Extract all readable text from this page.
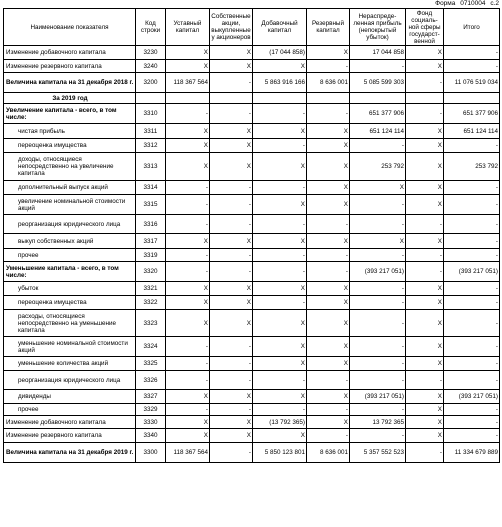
Форма 0710004 с.2
Наименование показателя	Код строки	Уставный капитал	Собственные акции, выкупленные у акционеров	Добавочный капитал	Резервный капитал	Нераспреде-ленная прибыль (непокрытый убыток)	Фонд социаль-ной сферы государст-венной	Итого
Изменение добавочного капитала	3230	X	X	(17 044 858)	X	17 044 858	X	-
Изменение резервного капитала	3240	X	X	X	-	-	X	-
Величина капитала на 31 декабря 2018 г.	3200	118 367 564	-	5 863 916 166	8 636 001	5 085 599 303	-	11 076 519 034
За 2019 год								
Увеличение капитала - всего, в том числе:	3310	-	-	-	-	651 377 906	-	651 377 906
чистая прибыль	3311	X	X	X	X	651 124 114	X	651 124 114
переоценка имущества	3312	X	X	-	X	-	X	-
доходы, относящиеся непосредственно на увеличение капитала	3313	X	X	X	X	253 792	X	253 792
дополнительный выпуск акций	3314	-	-	-	X	X	X	-
увеличение номинальной стоимости акций	3315	-	-	X	X	-	X	-
реорганизация юридического лица	3316	-	-	-	-	-	-	-
выкуп собственных акций	3317	X	X	X	X	X	X	-
прочее	3319	-	-	-	-	-	-	-
Уменьшение капитала - всего, в том числе:	3320	-	-	-	-	(393 217 051)	-	(393 217 051)
убыток	3321	X	X	X	X	-	X	-
переоценка имущества	3322	X	X	-	X	-	X	-
расходы, относящиеся непосредственно на уменьшение капитала	3323	X	X	X	X	-	X	-
уменьшение номинальной стоимости акций	3324	-	-	X	X	-	X	-
уменьшение количества акций	3325	-	-	X	X	-	X	-
реорганизация юридического лица	3326	-	-	-	-	-	-	-
дивиденды	3327	X	X	X	X	(393 217 051)	X	(393 217 051)
прочее	3329	-	-	-	-	-	X	-
Изменение добавочного капитала	3330	X	X	(13 792 365)	X	13 792 365	X	-
Изменение резервного капитала	3340	X	X	X	-	-	X	-
Величина капитала на 31 декабря 2019 г.	3300	118 367 564	-	5 850 123 801	8 636 001	5 357 552 523	-	11 334 679 889
